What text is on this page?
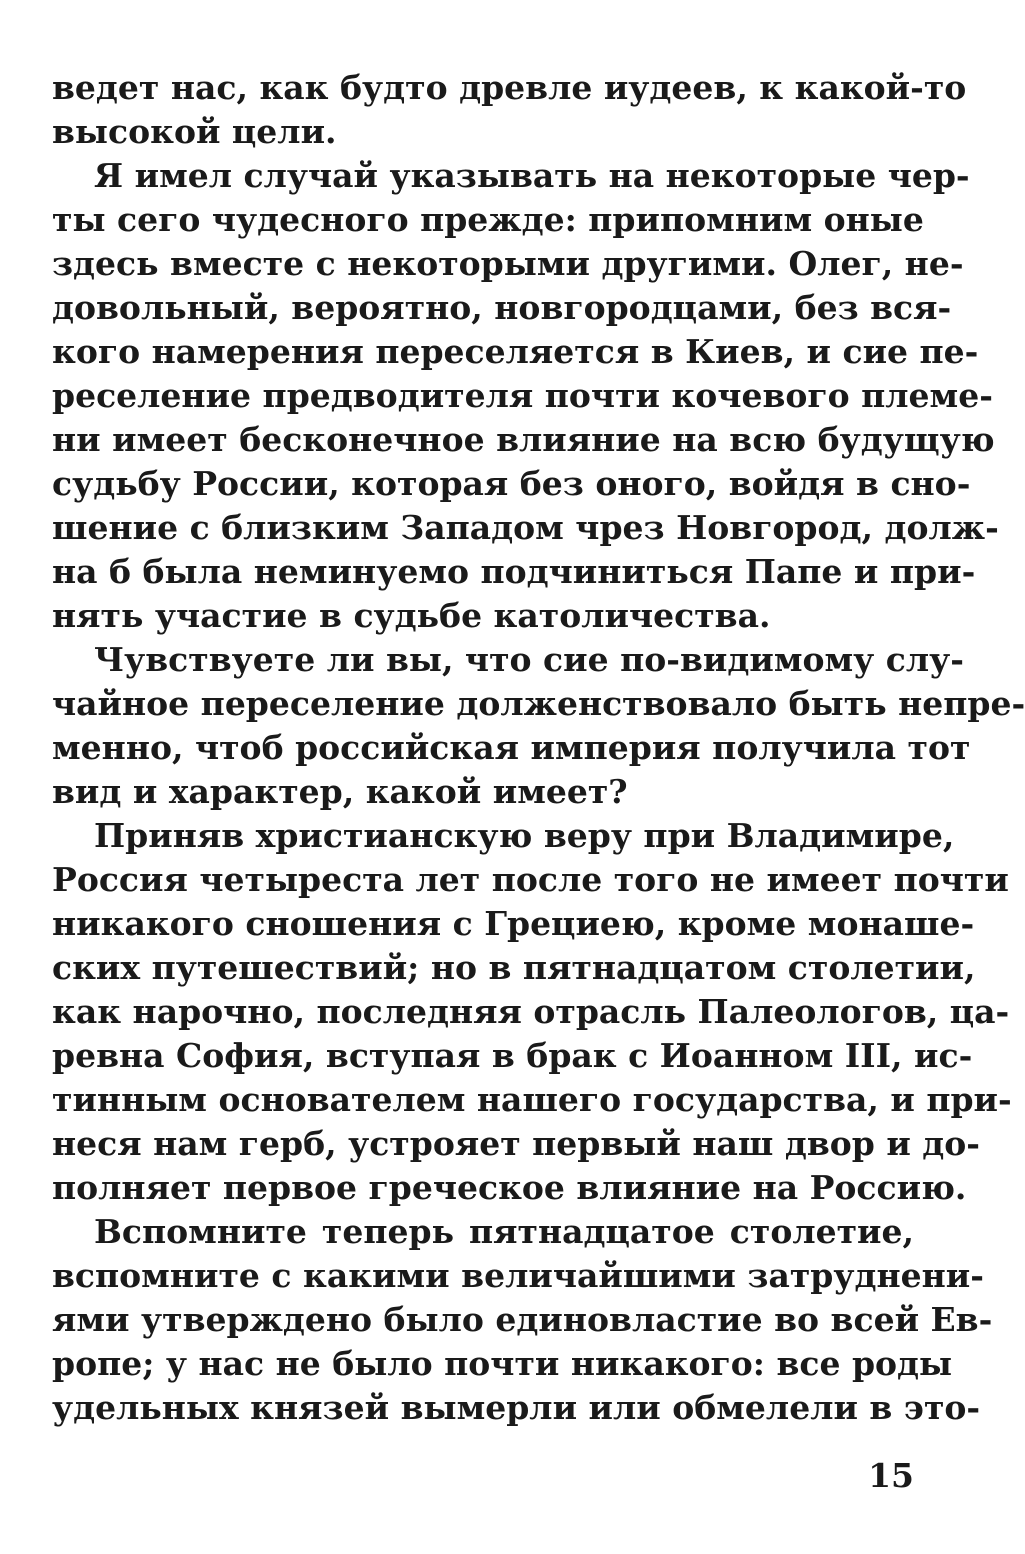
ведет нас, как будто древле иудеев, к какой-то
высокой цели.
Я имел случай указывать на некоторые чер-
ты сего чудесного прежде: припомним оные
здесь вместе с некоторыми другими. Олег, не-
довольный, вероятно, новгородцами, без вся-
кого намерения переселяется в Киев, и сие пе-
реселение предводителя почти кочевого племе-
ни имеет бесконечное влияние на всю будущую
судьбу России, которая без оного, войдя в сно-
шение с близким Западом чрез Новгород, долж-
на б была неминуемо подчиниться Папе и при-
нять участие в судьбе католичества.
Чувствуете ли вы, что сие по-видимому слу-
чайное переселение долженствовало быть непре-
менно, чтоб российская империя получила тот
вид и характер, какой имеет?
Приняв христианскую веру при Владимире,
Россия четыреста лет после того не имеет почти
никакого сношения с Грециею, кроме монаше-
ских путешествий; но в пятнадцатом столетии,
как нарочно, последняя отрасль Палеологов, ца-
ревна София, вступая в брак с Иоанном III, ис-
тинным основателем нашего государства, и при-
неся нам герб, устрояет первый наш двор и до-
полняет первое греческое влияние на Россию.
Вспомните теперь пятнадцатое столетие,
вспомните с какими величайшими затруднени-
ями утверждено было единовластие во всей Ев-
ропе; у нас не было почти никакого: все роды
удельных князей вымерли или обмелели в это-
15
